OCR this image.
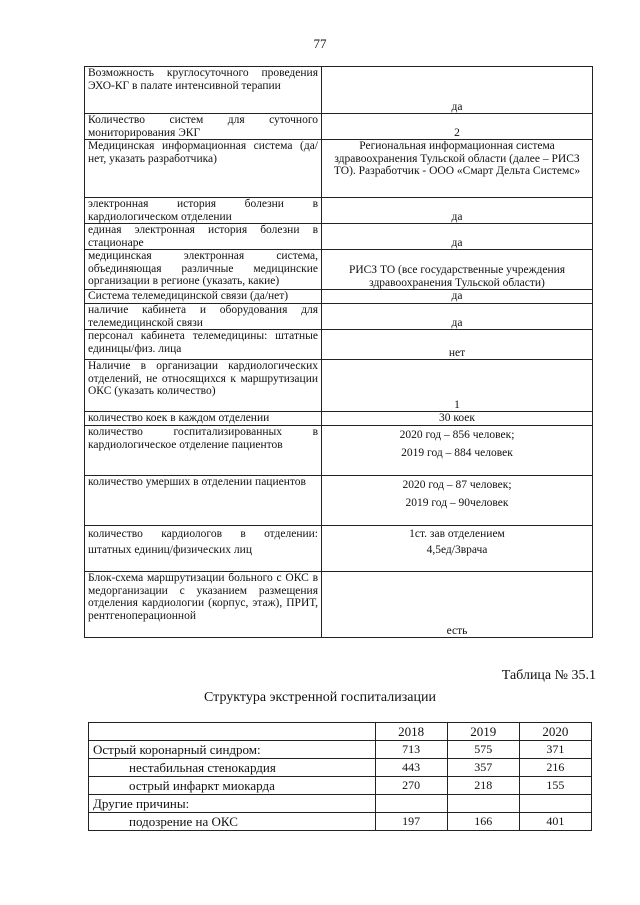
77
Возможность круглосуточного проведения ЭХО-КГ в палате интенсивной терапии	да
Количество систем для суточного мониторирования ЭКГ	2
Медицинская информационная система (да/нет, указать разработчика)	Региональная информационная система здравоохранения Тульской области (далее – РИСЗ ТО). Разработчик - ООО «Смарт Дельта Системс»
электронная история болезни в кардиологическом отделении	да
единая электронная история болезни в стационаре	да
медицинская электронная система, объединяющая различные медицинские организации в регионе (указать, какие)	РИСЗ ТО (все государственные учреждения здравоохранения Тульской области)
Система телемедицинской связи (да/нет)	да
наличие кабинета и оборудования для телемедицинской связи	да
персонал кабинета телемедицины: штатные единицы/физ. лица	нет
Наличие в организации кардиологических отделений, не относящихся к маршрутизации ОКС (указать количество)	1
количество коек в каждом отделении	30 коек
количество госпитализированных в кардиологическое отделение пациентов	2020 год – 856 человек;
2019 год – 884 человек

количество умерших в отделении пациентов	2020 год – 87 человек;
2019 год – 90человек

количество кардиологов в отделении: штатных единиц/физических лиц	1ст. зав отделением
4,5ед/3врача

Блок-схема маршрутизации больного с ОКС в медорганизации с указанием размещения отделения кардиологии (корпус, этаж), ПРИТ, рентгеноперационной	есть
Таблица № 35.1
Структура экстренной госпитализации
	2018	2019	2020
Острый коронарный синдром:	713	575	371
нестабильная стенокардия	443	357	216
острый инфаркт миокарда	270	218	155
Другие причины:			
подозрение на ОКС	197	166	401
